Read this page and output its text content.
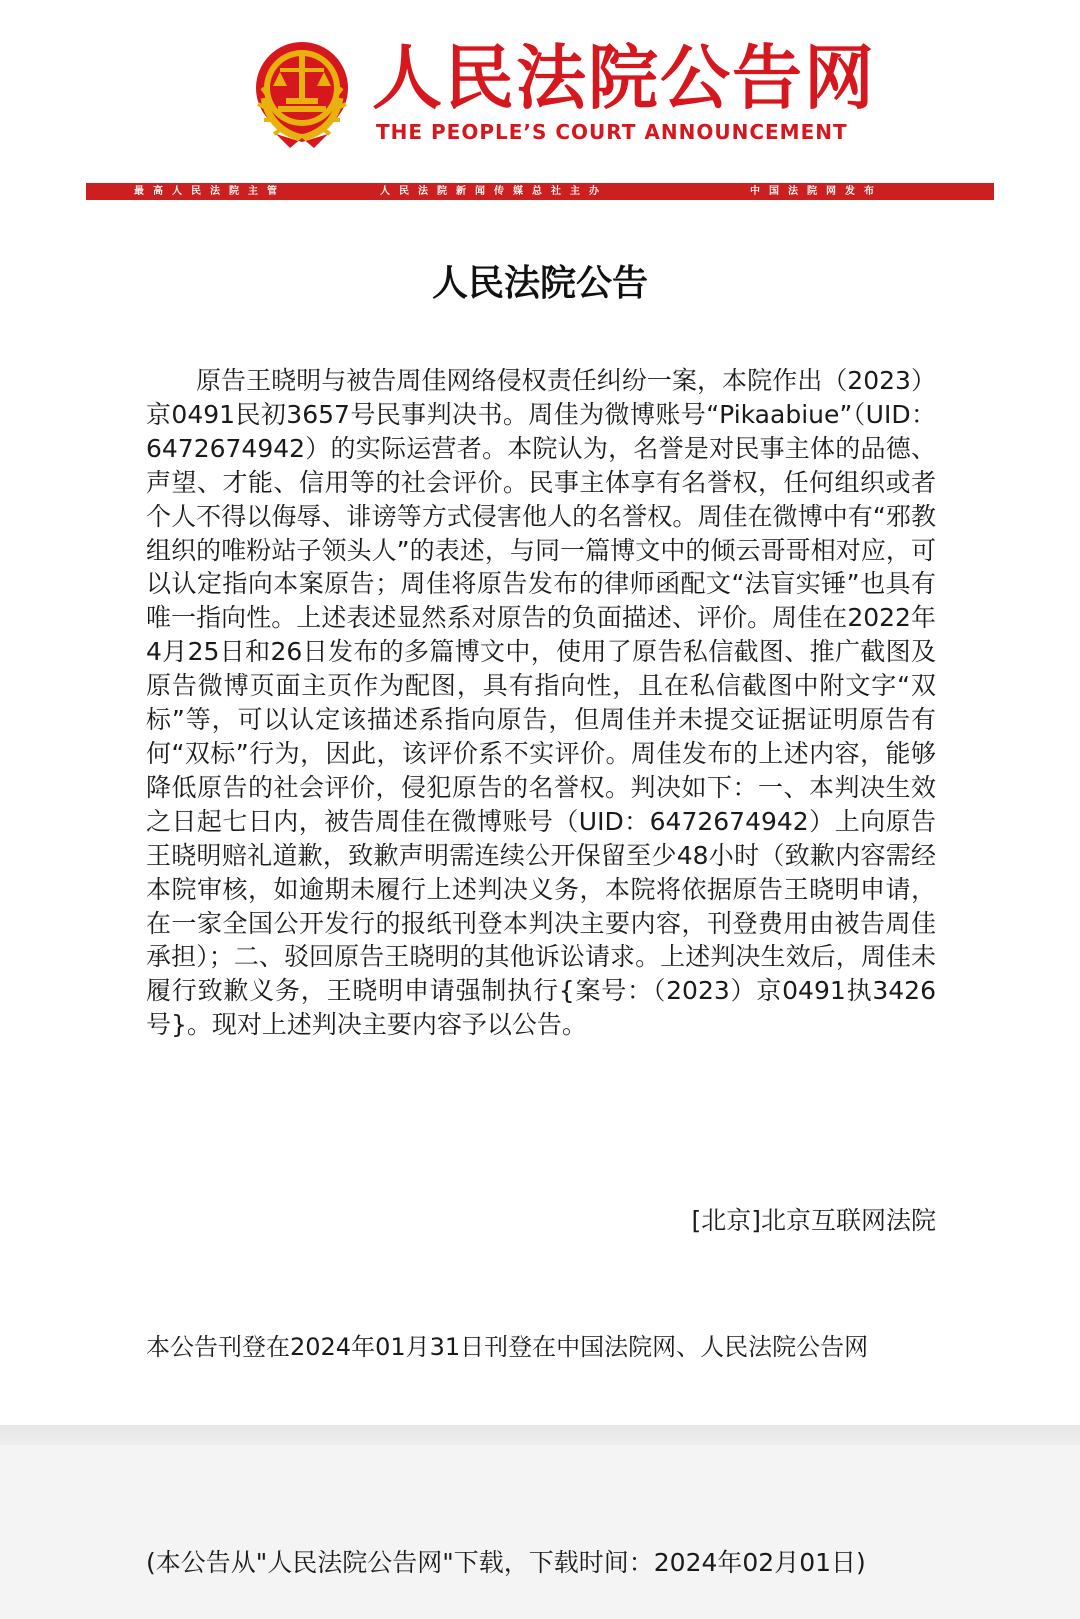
人民法院公告网
THE PEOPLE’S COURT ANNOUNCEMENT
最高人民法院主管	人民法院新闻传媒总社主办	中国法院网发布
人民法院公告

原告王晓明与被告周佳网络侵权责任纠纷一案，本院作出（2023）京0491民初3657号民事判决书。周佳为微博账号“Pikaabiue”（UID：6472674942）的实际运营者。本院认为，名誉是对民事主体的品德、声望、才能、信用等的社会评价。民事主体享有名誉权，任何组织或者个人不得以侮辱、诽谤等方式侵害他人的名誉权。周佳在微博中有“邪教组织的唯粉站子领头人”的表述，与同一篇博文中的倾云哥哥相对应，可以认定指向本案原告；周佳将原告发布的律师函配文“法盲实锤”也具有唯一指向性。上述表述显然系对原告的负面描述、评价。周佳在2022年4月25日和26日发布的多篇博文中，使用了原告私信截图、推广截图及原告微博页面主页作为配图，具有指向性，且在私信截图中附文字“双标”等，可以认定该描述系指向原告，但周佳并未提交证据证明原告有何“双标”行为，因此，该评价系不实评价。周佳发布的上述内容，能够降低原告的社会评价，侵犯原告的名誉权。判决如下：一、本判决生效之日起七日内，被告周佳在微博账号（UID：6472674942）上向原告王晓明赔礼道歉，致歉声明需连续公开保留至少48小时（致歉内容需经本院审核，如逾期未履行上述判决义务，本院将依据原告王晓明申请，在一家全国公开发行的报纸刊登本判决主要内容，刊登费用由被告周佳承担）；二、驳回原告王晓明的其他诉讼请求。上述判决生效后，周佳未履行致歉义务，王晓明申请强制执行{案号：（2023）京0491执3426号}。现对上述判决主要内容予以公告。

[北京]北京互联网法院
本公告刊登在2024年01月31日刊登在中国法院网、人民法院公告网
(本公告从"人民法院公告网"下载，下载时间：2024年02月01日)
